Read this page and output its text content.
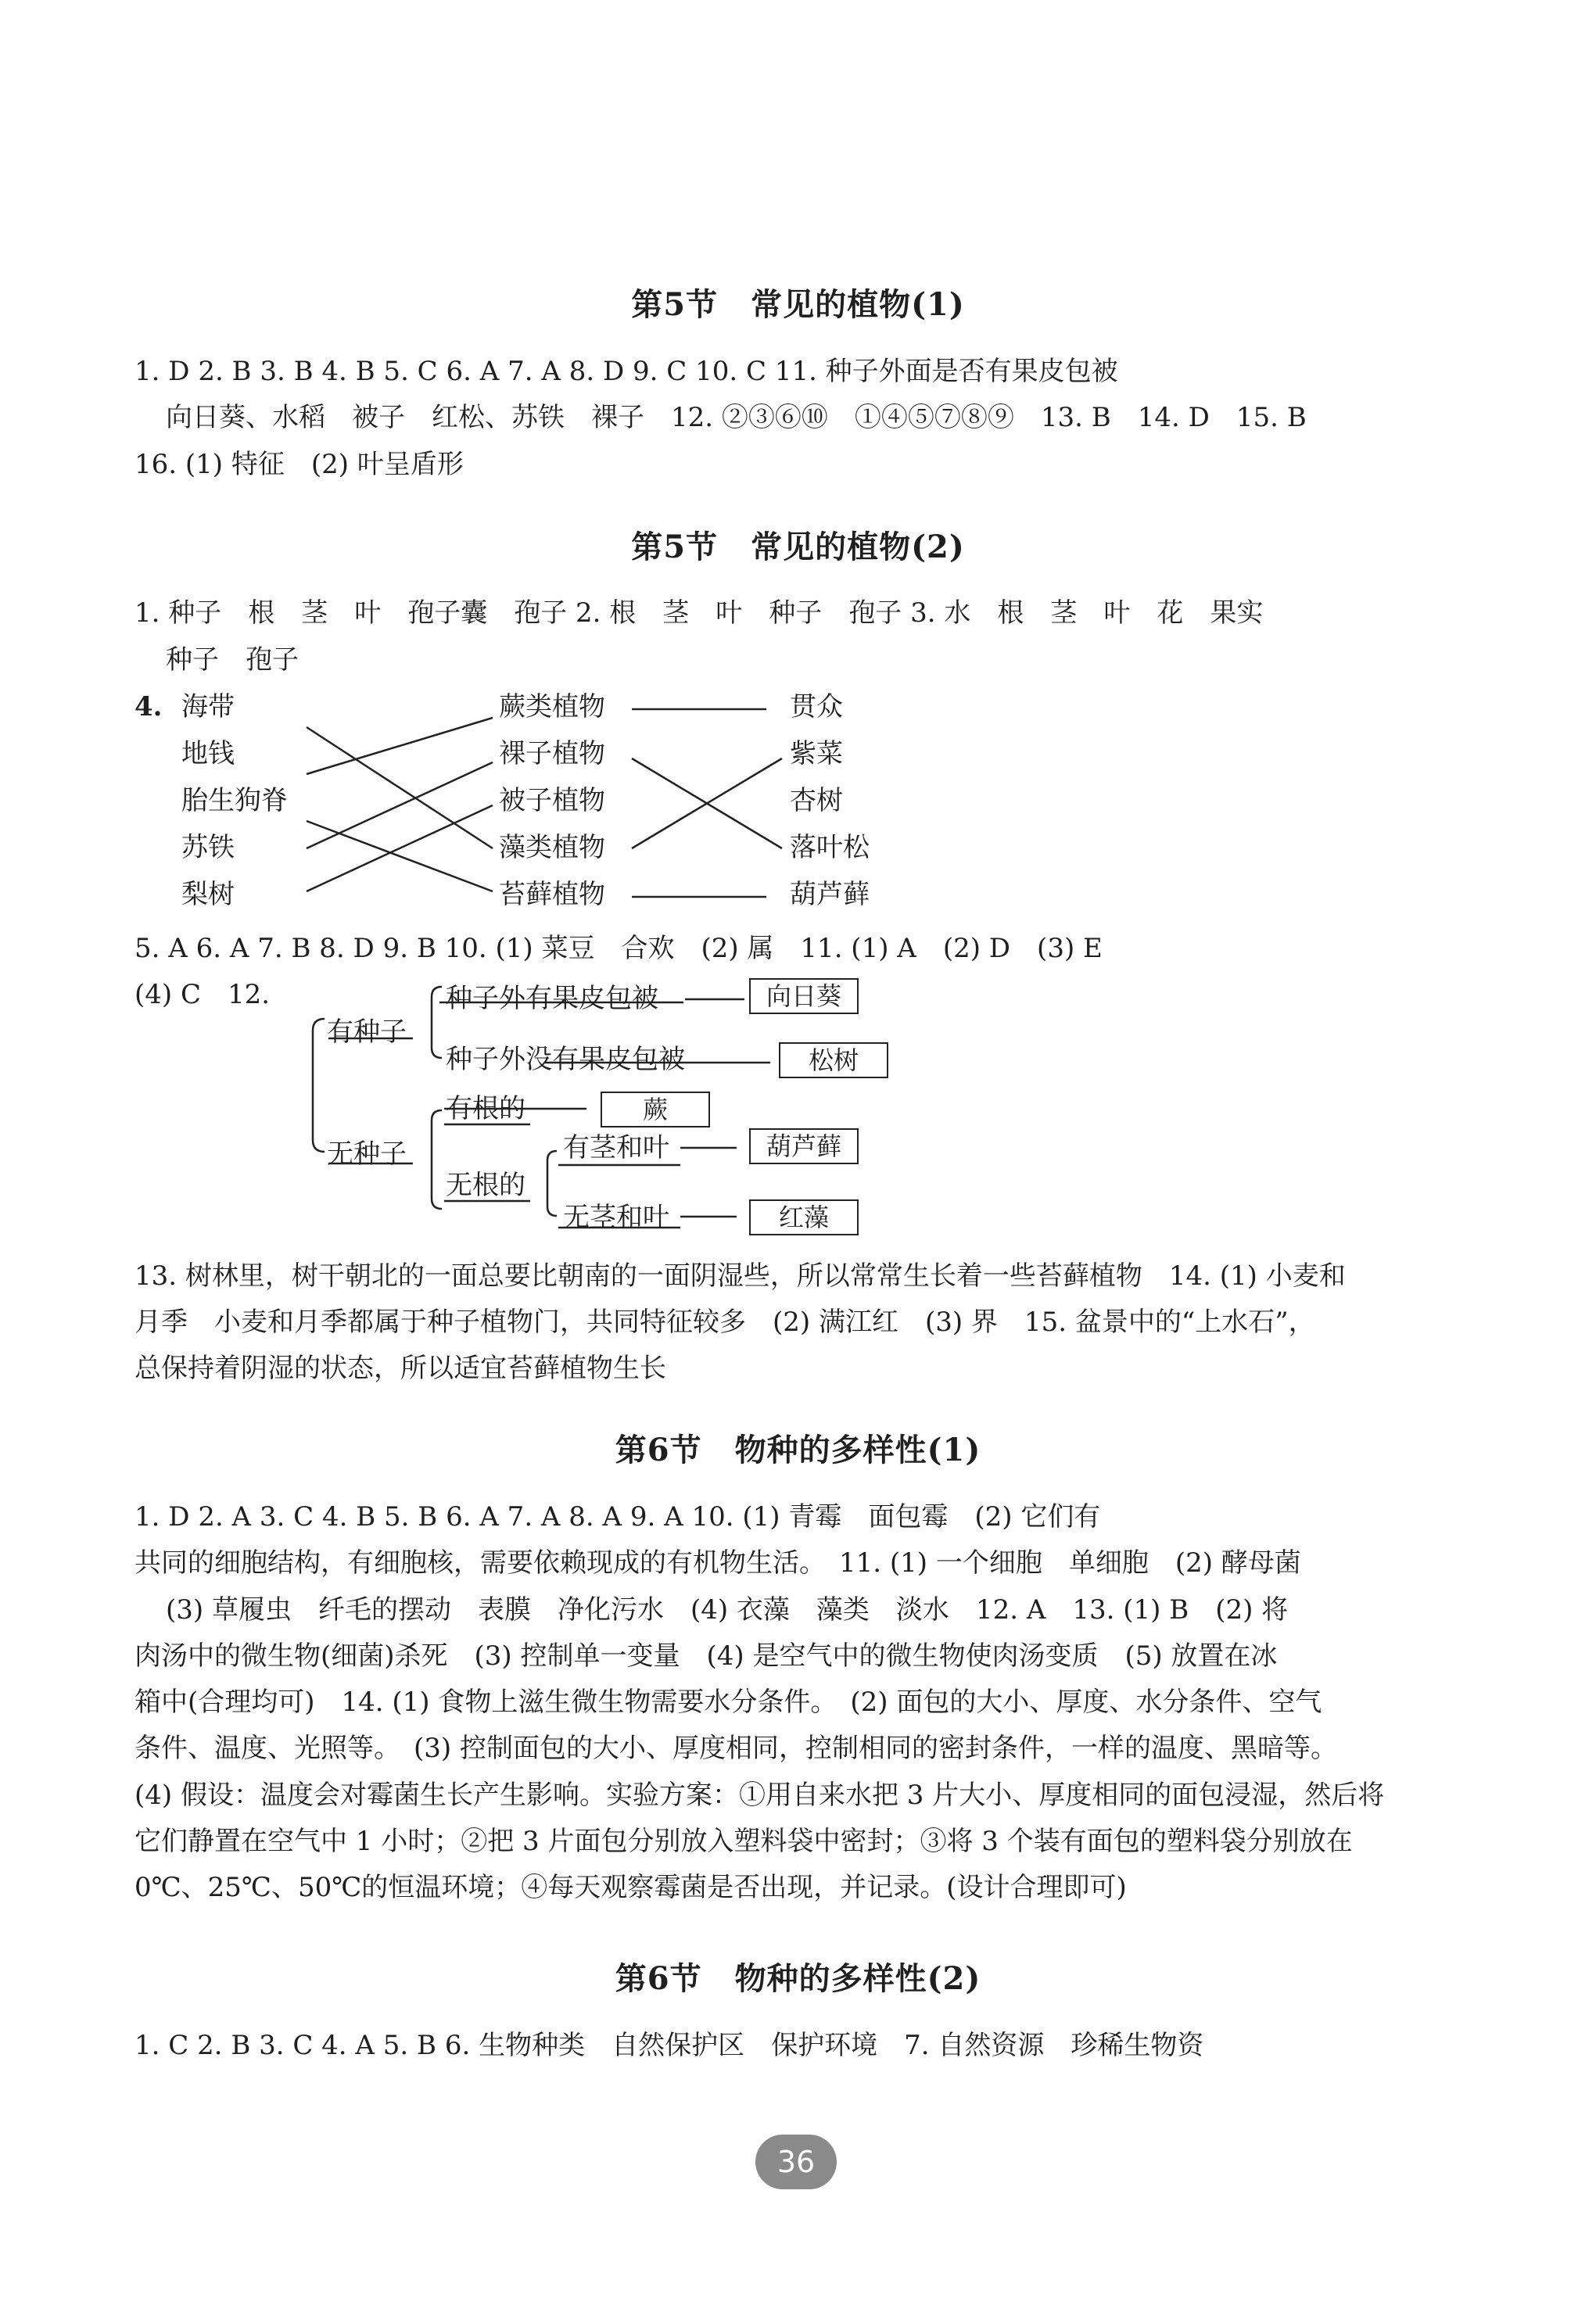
第5节 常见的植物(1)
1. D 2. B 3. B 4. B 5. C 6. A 7. A 8. D 9. C 10. C 11. 种子外面是否有果皮包被
向日葵、水稻　被子　红松、苏铁　裸子　12. ②③⑥⑩　①④⑤⑦⑧⑨　13. B　14. D　15. B
16. (1) 特征　(2) 叶呈盾形
第5节 常见的植物(2)
1. 种子　根　茎　叶　孢子囊　孢子 2. 根　茎　叶　种子　孢子 3. 水　根　茎　叶　花　果实
种子　孢子
4. 海带
地钱
胎生狗脊
苏铁
梨树
蕨类植物
裸子植物
被子植物
藻类植物
苔藓植物
贯众
紫菜
杏树
落叶松
葫芦藓
5. A 6. A 7. B 8. D 9. B 10. (1) 菜豆　合欢　(2) 属　11. (1) A　(2) D　(3) E
(4) C　12.
有种子
种子外有果皮包被	向日葵
种子外没有果皮包被	松树
无种子
有根的	蕨
无根的
有茎和叶	葫芦藓
无茎和叶	红藻
13. 树林里，树干朝北的一面总要比朝南的一面阴湿些，所以常常生长着一些苔藓植物　14. (1) 小麦和
月季　小麦和月季都属于种子植物门，共同特征较多　(2) 满江红　(3) 界　15. 盆景中的“上水石”，
总保持着阴湿的状态，所以适宜苔藓植物生长
第6节 物种的多样性(1)
1. D 2. A 3. C 4. B 5. B 6. A 7. A 8. A 9. A 10. (1) 青霉　面包霉　(2) 它们有
共同的细胞结构，有细胞核，需要依赖现成的有机物生活。　11. (1) 一个细胞　单细胞　(2) 酵母菌
(3) 草履虫　纤毛的摆动　表膜　净化污水　(4) 衣藻　藻类　淡水　12. A　13. (1) B　(2) 将
肉汤中的微生物(细菌)杀死　(3) 控制单一变量　(4) 是空气中的微生物使肉汤变质　(5) 放置在冰
箱中(合理均可)　14. (1) 食物上滋生微生物需要水分条件。　(2) 面包的大小、厚度、水分条件、空气
条件、温度、光照等。　(3) 控制面包的大小、厚度相同，控制相同的密封条件，一样的温度、黑暗等。
(4) 假设：温度会对霉菌生长产生影响。实验方案：①用自来水把 3 片大小、厚度相同的面包浸湿，然后将
它们静置在空气中 1 小时；②把 3 片面包分别放入塑料袋中密封；③将 3 个装有面包的塑料袋分别放在
0℃、25℃、50℃的恒温环境；④每天观察霉菌是否出现，并记录。(设计合理即可)
第6节 物种的多样性(2)
1. C 2. B 3. C 4. A 5. B 6. 生物种类　自然保护区　保护环境　7. 自然资源　珍稀生物资
36
